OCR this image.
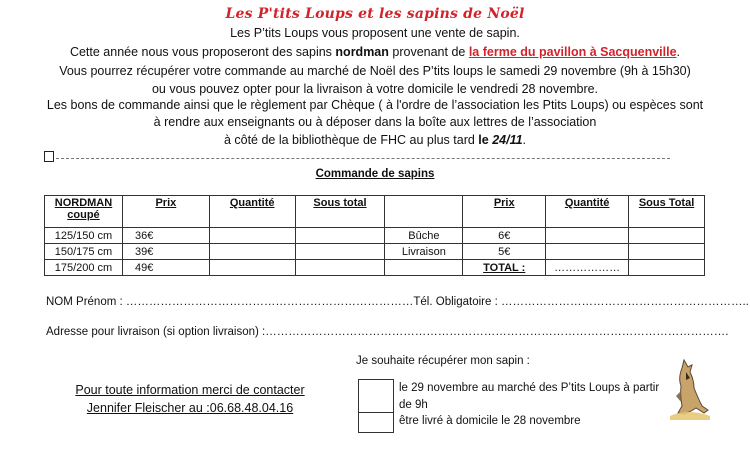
Les P'tits Loups et les sapins de Noël
Les P’tits Loups vous proposent une vente de sapin.
Cette année nous vous proposeront des sapins nordman provenant de la ferme du pavillon à Sacquenville.
Vous pourrez récupérer votre commande au marché de Noël des P’tits loups le samedi 29 novembre (9h à 15h30)
ou vous pouvez opter pour la livraison à votre domicile le vendredi 28 novembre.
Les bons de commande ainsi que le règlement par Chèque ( à l'ordre de l’association les Ptits Loups) ou espèces sont
à rendre aux enseignants ou à déposer dans la boîte aux lettres de l’association
à côté de la bibliothèque de FHC au plus tard le 24/11.
Commande de sapins
NORDMAN
coupé	Prix	Quantité	Sous total		Prix	Quantité	Sous Total
125/150 cm	36€			Bûche	6€		
150/175 cm	39€			Livraison	5€		
175/200 cm	49€				TOTAL :	………………	
NOM Prénom : …………………………………………………………………Tél. Obligatoire : ………………………………………………………..
Adresse pour livraison (si option livraison) :………………………………………………………………………………………………………….
Je souhaite récupérer mon sapin :
Pour toute information merci de contacter
Jennifer Fleischer au :06.68.48.04.16
le 29 novembre au marché des P’tits Loups à partir
de 9h
être livré à domicile le 28 novembre
